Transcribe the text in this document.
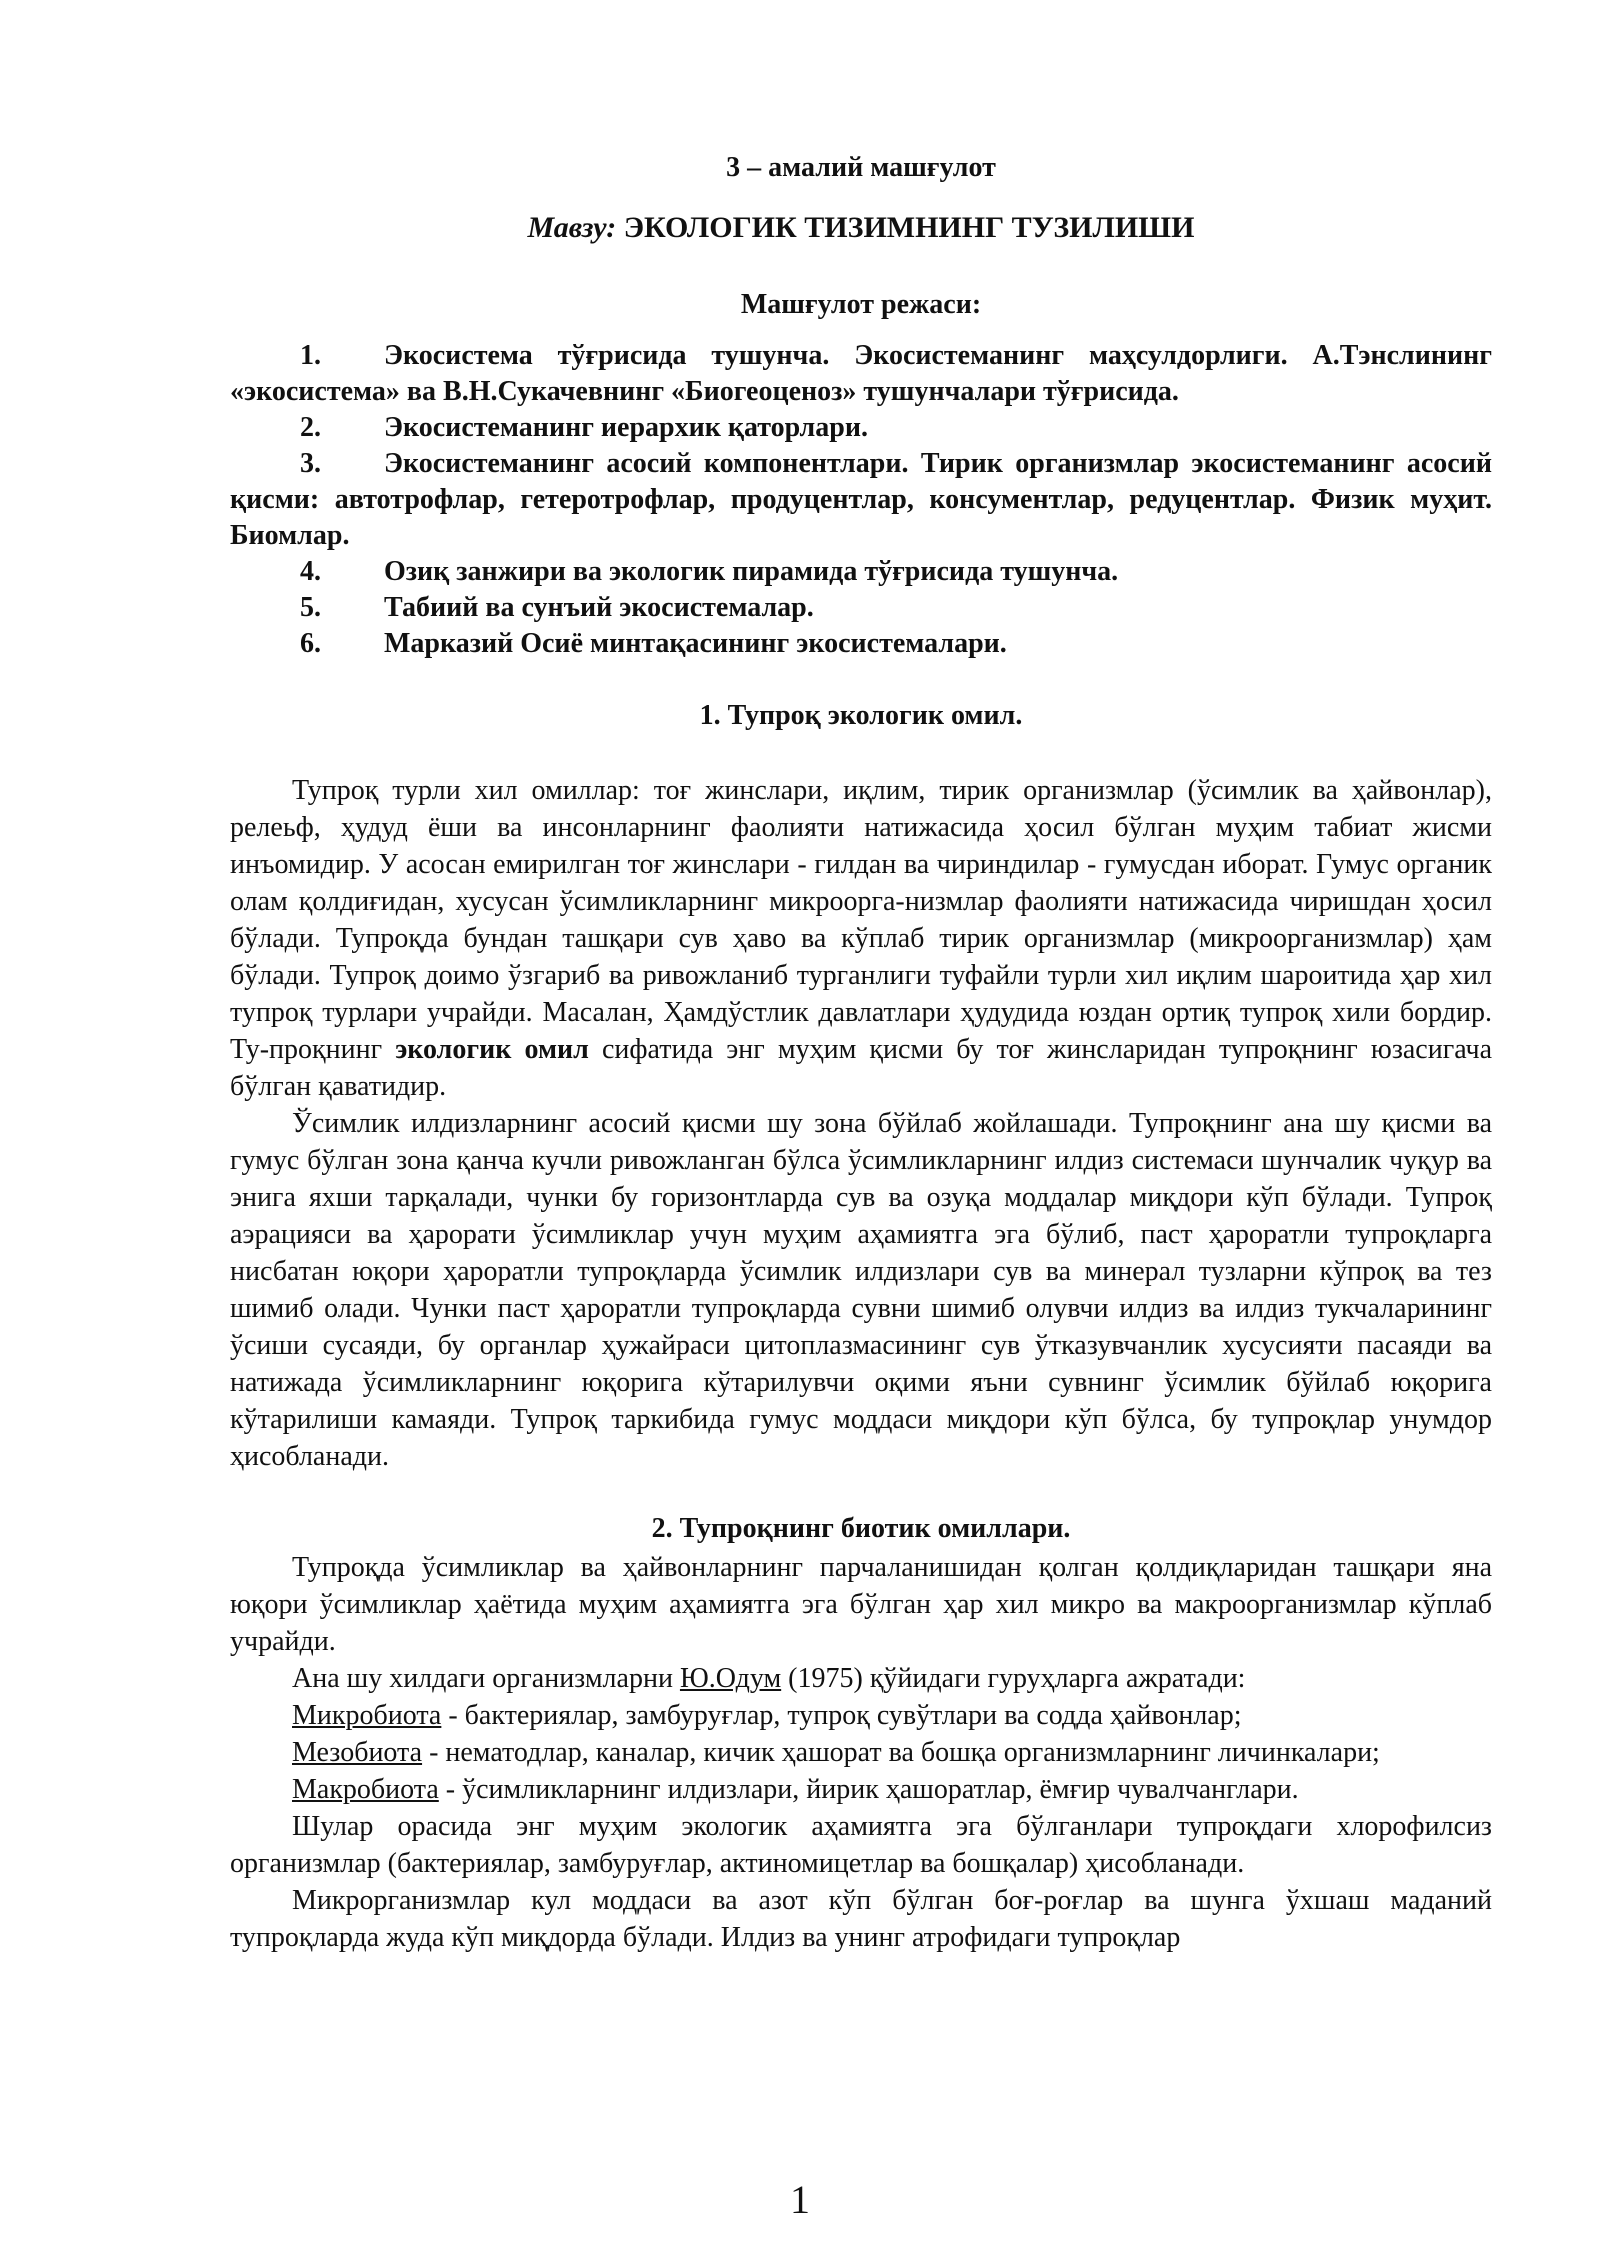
3 – амалий машғулот

Мавзу: ЭКОЛОГИК ТИЗИМНИНГ ТУЗИЛИШИ

Машғулот режаси:

1. Экосистема тўғрисида тушунча. Экосистеманинг маҳсулдорлиги. А.Тэнслининг «экосистема» ва В.Н.Сукачевнинг «Биогеоценоз» тушунчалари тўғрисида.

2. Экосистеманинг иерархик қаторлари.

3. Экосистеманинг асосий компонентлари. Тирик организмлар экосистеманинг асосий қисми: автотрофлар, гетеротрофлар, продуцентлар, консументлар, редуцентлар. Физик муҳит. Биомлар.

4. Озиқ занжири ва экологик пирамида тўғрисида тушунча.

5. Табиий ва сунъий экосистемалар.

6. Марказий Осиё минтақасининг экосистемалари.

1. Тупроқ экологик омил.

Тупроқ турли хил омиллар: тоғ жинслари, иқлим, тирик организмлар (ўсимлик ва ҳайвонлар), релеьф, ҳудуд ёши ва инсонларнинг фаолияти натижасида ҳосил бўлган муҳим табиат жисми инъомидир. У асосан емирилган тоғ жинслари - гилдан ва чириндилар - гумусдан иборат. Гумус органик олам қолдиғидан, хусусан ўсимликларнинг микроорга-низмлар фаолияти натижасида чиришдан ҳосил бўлади. Тупроқда бундан ташқари сув ҳаво ва кўплаб тирик организмлар (микроорганизмлар) ҳам бўлади. Тупроқ доимо ўзгариб ва ривожланиб турганлиги туфайли турли хил иқлим шароитида ҳар хил тупроқ турлари учрайди. Масалан, Ҳамдўстлик давлатлари ҳудудида юздан ортиқ тупроқ хили бордир. Ту-проқнинг экологик омил сифатида энг муҳим қисми бу тоғ жинсларидан тупроқнинг юзасигача бўлган қаватидир.

Ўсимлик илдизларнинг асосий қисми шу зона бўйлаб жойлашади. Тупроқнинг ана шу қисми ва гумус бўлган зона қанча кучли ривожланган бўлса ўсимликларнинг илдиз системаси шунчалик чуқур ва энига яхши тарқалади, чунки бу горизонтларда сув ва озуқа моддалар миқдори кўп бўлади. Тупроқ аэрацияси ва ҳарорати ўсимликлар учун муҳим аҳамиятга эга бўлиб, паст ҳароратли тупроқларга нисбатан юқори ҳароратли тупроқларда ўсимлик илдизлари сув ва минерал тузларни кўпроқ ва тез шимиб олади. Чунки паст ҳароратли тупроқларда сувни шимиб олувчи илдиз ва илдиз тукчаларининг ўсиши сусаяди, бу органлар ҳужайраси цитоплазмасининг сув ўтказувчанлик хусусияти пасаяди ва натижада ўсимликларнинг юқорига кўтарилувчи оқими яъни сувнинг ўсимлик бўйлаб юқорига кўтарилиши камаяди. Тупроқ таркибида гумус моддаси миқдори кўп бўлса, бу тупроқлар унумдор ҳисобланади.

2. Тупроқнинг биотик омиллари.

Тупроқда ўсимликлар ва ҳайвонларнинг парчаланишидан қолган қолдиқларидан ташқари яна юқори ўсимликлар ҳаётида муҳим аҳамиятга эга бўлган ҳар хил микро ва макроорганизмлар кўплаб учрайди.

Ана шу хилдаги организмларни Ю.Одум (1975) қўйидаги гуруҳларга ажратади:

Микробиота - бактериялар, замбуруғлар, тупроқ сувўтлари ва содда ҳайвонлар;

Мезобиота - нематодлар, каналар, кичик ҳашорат ва бошқа организмларнинг личинкалари;

Макробиота - ўсимликларнинг илдизлари, йирик ҳашоратлар, ёмғир чувалчанглари.

Шулар орасида энг муҳим экологик аҳамиятга эга бўлганлари тупроқдаги хлорофилсиз организмлар (бактериялар, замбуруғлар, актиномицетлар ва бошқалар) ҳисобланади.

Микрорганизмлар кул моддаси ва азот кўп бўлган боғ-роғлар ва шунга ўхшаш маданий тупроқларда жуда кўп миқдорда бўлади. Илдиз ва унинг атрофидаги тупроқлар

1
